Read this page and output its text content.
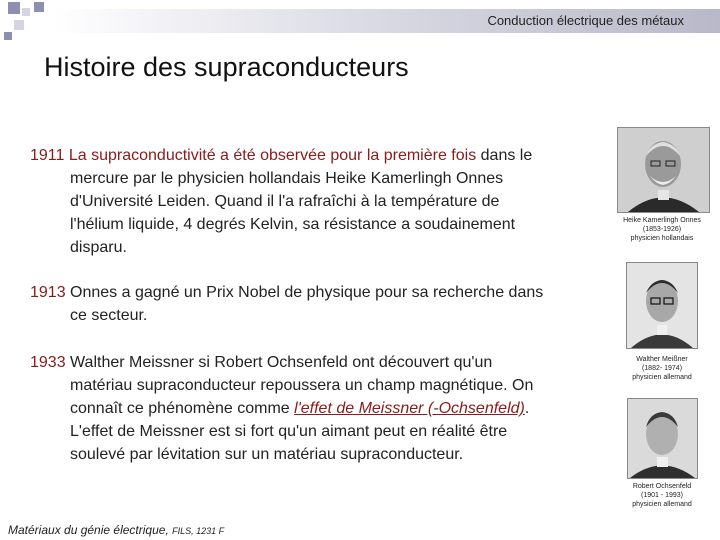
Conduction électrique des métaux
Histoire des supraconducteurs
1911 La supraconductivité a été observée pour la première fois dans le
mercure par le physicien hollandais Heike Kamerlingh Onnes
d'Université Leiden. Quand il l'a rafraîchi à la température de
l'hélium liquide, 4 degrés Kelvin, sa résistance a soudainement
disparu.
1913 Onnes a gagné un Prix Nobel de physique pour sa recherche dans
ce secteur.
1933 Walther Meissner si Robert Ochsenfeld ont découvert qu'un
matériau supraconducteur repoussera un champ magnétique. On
connaît ce phénomène comme l'effet de Meissner (-Ochsenfeld).
L'effet de Meissner est si fort qu'un aimant peut en réalité être
soulevé par lévitation sur un matériau supraconducteur.
Heike Kamerlingh Onnes
(1853-1926)
physicien hollandais
Walther Meißner
(1882- 1974)
physicien allemand
Robert Ochsenfeld
(1901 - 1993)
physicien allemand
Matériaux du génie électrique, FILS, 1231 F
